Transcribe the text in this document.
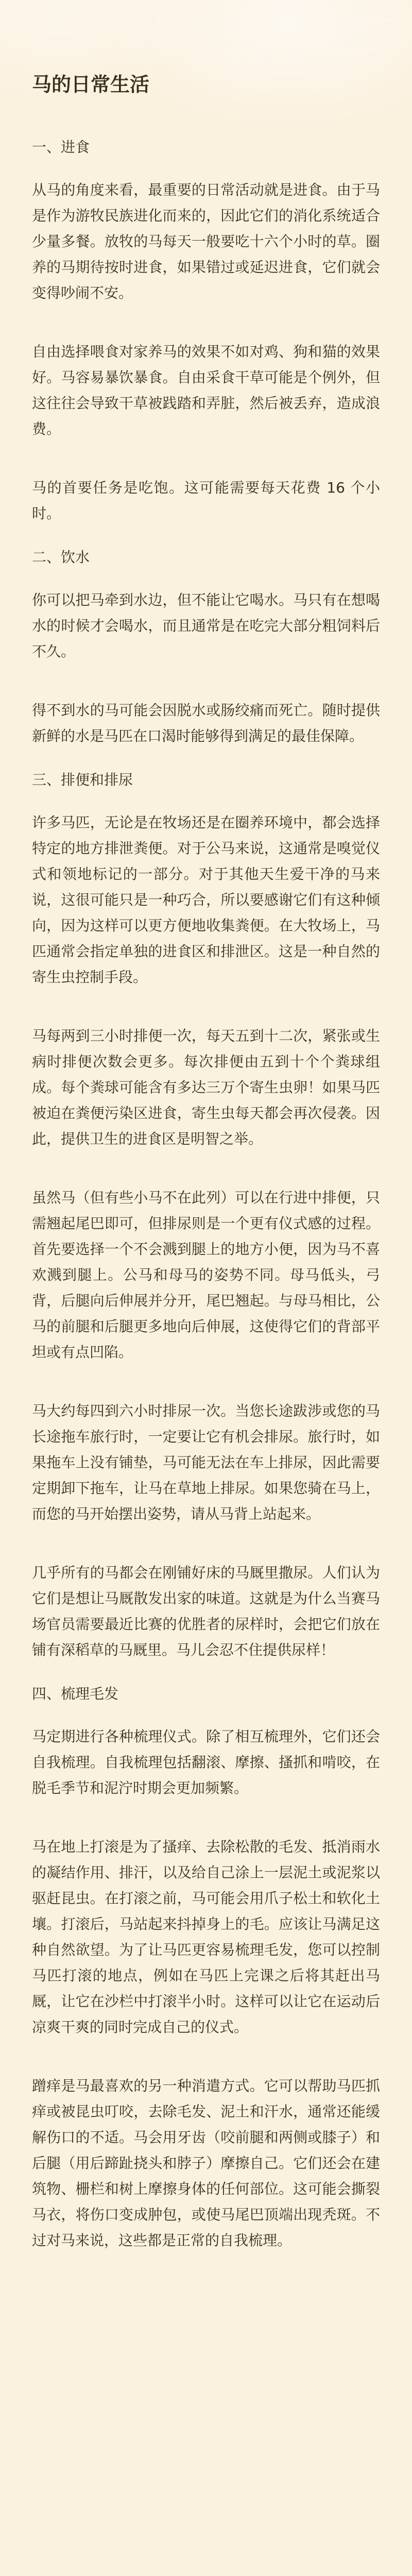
马的日常生活
一、进食

从马的角度来看，最重要的日常活动就是进食。由于马是作为游牧民族进化而来的，因此它们的消化系统适合少量多餐。放牧的马每天一般要吃十六个小时的草。圈养的马期待按时进食，如果错过或延迟进食，它们就会变得吵闹不安。

自由选择喂食对家养马的效果不如对鸡、狗和猫的效果好。马容易暴饮暴食。自由采食干草可能是个例外，但这往往会导致干草被践踏和弄脏，然后被丢弃，造成浪费。

马的首要任务是吃饱。这可能需要每天花费 16 个小时。

二、饮水

你可以把马牵到水边，但不能让它喝水。马只有在想喝水的时候才会喝水，而且通常是在吃完大部分粗饲料后不久。

得不到水的马可能会因脱水或肠绞痛而死亡。随时提供新鲜的水是马匹在口渴时能够得到满足的最佳保障。

三、排便和排尿

许多马匹，无论是在牧场还是在圈养环境中，都会选择特定的地方排泄粪便。对于公马来说，这通常是嗅觉仪式和领地标记的一部分。对于其他天生爱干净的马来说，这很可能只是一种巧合，所以要感谢它们有这种倾向，因为这样可以更方便地收集粪便。在大牧场上，马匹通常会指定单独的进食区和排泄区。这是一种自然的寄生虫控制手段。

马每两到三小时排便一次，每天五到十二次，紧张或生病时排便次数会更多。每次排便由五到十个个粪球组成。每个粪球可能含有多达三万个寄生虫卵！如果马匹被迫在粪便污染区进食，寄生虫每天都会再次侵袭。因此，提供卫生的进食区是明智之举。

虽然马（但有些小马不在此列）可以在行进中排便，只需翘起尾巴即可，但排尿则是一个更有仪式感的过程。首先要选择一个不会溅到腿上的地方小便，因为马不喜欢溅到腿上。公马和母马的姿势不同。母马低头，弓背，后腿向后伸展并分开，尾巴翘起。与母马相比，公马的前腿和后腿更多地向后伸展，这使得它们的背部平坦或有点凹陷。

马大约每四到六小时排尿一次。当您长途跋涉或您的马长途拖车旅行时，一定要让它有机会排尿。旅行时，如果拖车上没有铺垫，马可能无法在车上排尿，因此需要定期卸下拖车，让马在草地上排尿。如果您骑在马上，而您的马开始摆出姿势，请从马背上站起来。

几乎所有的马都会在刚铺好床的马厩里撒尿。人们认为它们是想让马厩散发出家的味道。这就是为什么当赛马场官员需要最近比赛的优胜者的尿样时，会把它们放在铺有深稻草的马厩里。马儿会忍不住提供尿样！

四、梳理毛发

马定期进行各种梳理仪式。除了相互梳理外，它们还会自我梳理。自我梳理包括翻滚、摩擦、搔抓和啃咬，在脱毛季节和泥泞时期会更加频繁。

马在地上打滚是为了搔痒、去除松散的毛发、抵消雨水的凝结作用、排汗，以及给自己涂上一层泥土或泥浆以驱赶昆虫。在打滚之前，马可能会用爪子松土和软化土壤。打滚后，马站起来抖掉身上的毛。应该让马满足这种自然欲望。为了让马匹更容易梳理毛发，您可以控制马匹打滚的地点，例如在马匹上完课之后将其赶出马厩，让它在沙栏中打滚半小时。这样可以让它在运动后凉爽干爽的同时完成自己的仪式。

蹭痒是马最喜欢的另一种消遣方式。它可以帮助马匹抓痒或被昆虫叮咬，去除毛发、泥土和汗水，通常还能缓解伤口的不适。马会用牙齿（咬前腿和两侧或膝子）和后腿（用后蹄趾挠头和脖子）摩擦自己。它们还会在建筑物、栅栏和树上摩擦身体的任何部位。这可能会撕裂马衣，将伤口变成肿包，或使马尾巴顶端出现秃斑。不过对马来说，这些都是正常的自我梳理。
